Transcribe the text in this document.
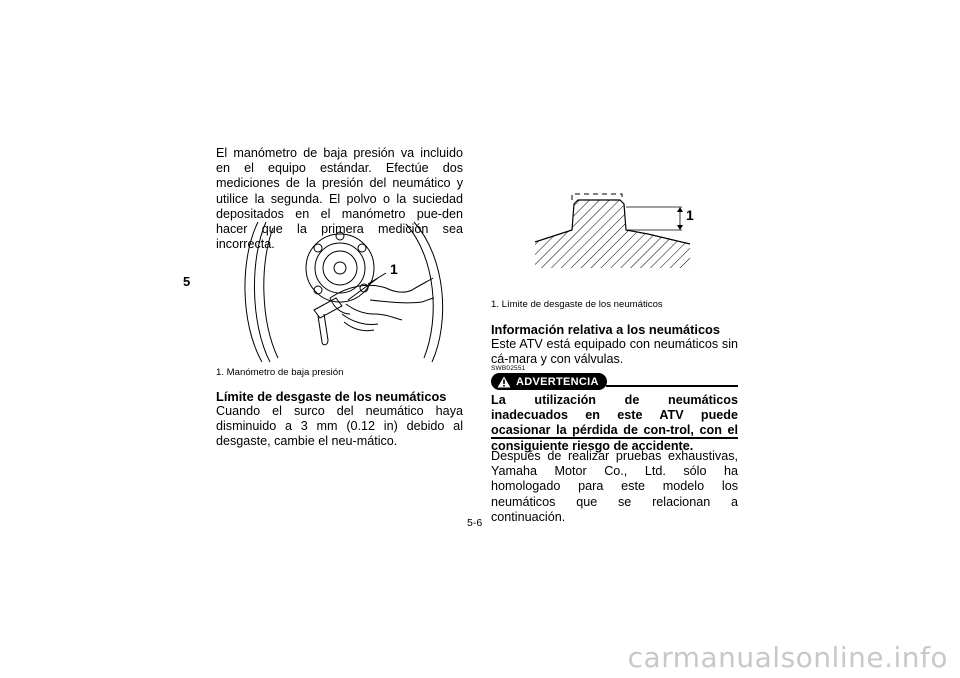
5
El manómetro de baja presión va incluido en el equipo estándar. Efectúe dos mediciones de la presión del neumático y utilice la segunda. El polvo o la suciedad depositados en el manómetro pue-den hacer que la primera medición sea incorrecta.
1
1. Manómetro de baja presión
Límite de desgaste de los neumáticos
Cuando el surco del neumático haya disminuido a 3 mm (0.12 in) debido al desgaste, cambie el neu-mático.
1
1. Límite de desgaste de los neumáticos
Información relativa a los neumáticos
Este ATV está equipado con neumáticos sin cá-mara y con válvulas.
SWB02551
ADVERTENCIA
La utilización de neumáticos inadecuados en este ATV puede ocasionar la pérdida de con-trol, con el consiguiente riesgo de accidente.
Después de realizar pruebas exhaustivas, Yamaha Motor Co., Ltd. sólo ha homologado para este modelo los neumáticos que se relacionan a continuación.
5-6
carmanualsonline.info
